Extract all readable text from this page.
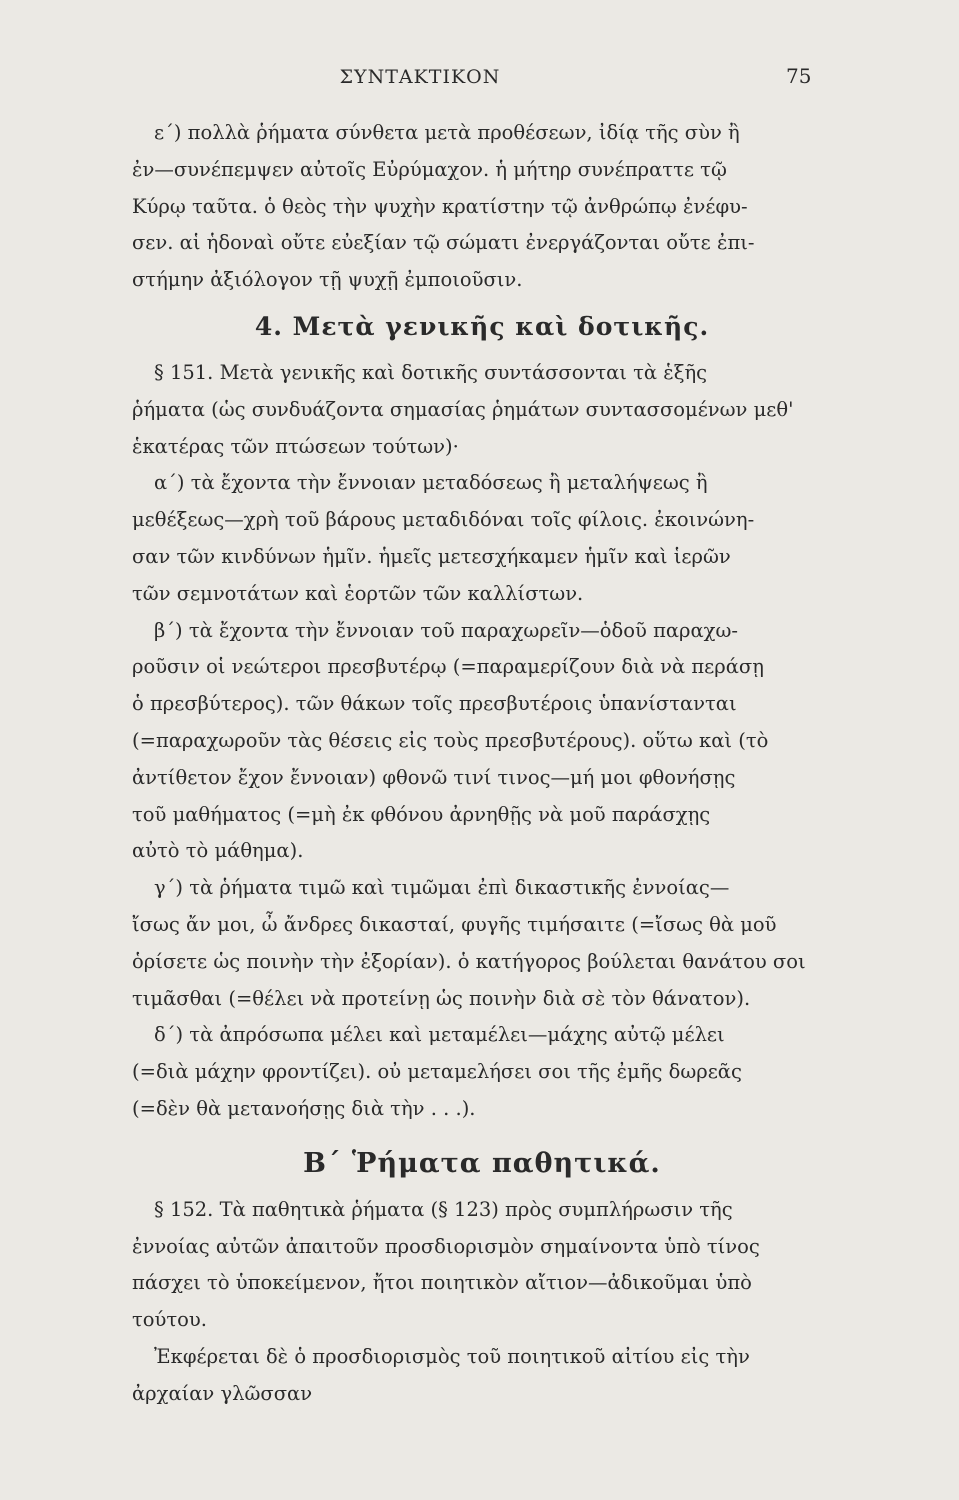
ΣΥΝΤΑΚΤΙΚΟΝ	75
ε΄) πολλὰ ῥήματα σύνθετα μετὰ προθέσεων, ἰδίᾳ τῆς σὺν ἢ
ἐν—συνέπεμψεν αὐτοῖς Εὐρύμαχον. ἡ μήτηρ συνέπραττε τῷ
Κύρῳ ταῦτα. ὁ θεὸς τὴν ψυχὴν κρατίστην τῷ ἀνθρώπῳ ἐνέφυ-
σεν. αἱ ἡδοναὶ οὔτε εὐεξίαν τῷ σώματι ἐνεργάζονται οὔτε ἐπι-
στήμην ἀξιόλογον τῇ ψυχῇ ἐμποιοῦσιν.
4. Μετὰ γενικῆς καὶ δοτικῆς.
§ 151. Μετὰ γενικῆς καὶ δοτικῆς συντάσσονται τὰ ἑξῆς
ῥήματα (ὡς συνδυάζοντα σημασίας ῥημάτων συντασσομένων μεθ'
ἑκατέρας τῶν πτώσεων τούτων)·
α΄) τὰ ἔχοντα τὴν ἔννοιαν μεταδόσεως ἢ μεταλήψεως ἢ
μεθέξεως—χρὴ τοῦ βάρους μεταδιδόναι τοῖς φίλοις. ἐκοινώνη-
σαν τῶν κινδύνων ἡμῖν. ἡμεῖς μετεσχήκαμεν ἡμῖν καὶ ἱερῶν
τῶν σεμνοτάτων καὶ ἑορτῶν τῶν καλλίστων.
β΄) τὰ ἔχοντα τὴν ἔννοιαν τοῦ παραχωρεῖν—ὁδοῦ παραχω-
ροῦσιν οἱ νεώτεροι πρεσβυτέρῳ (=παραμερίζουν διὰ νὰ περάσῃ
ὁ πρεσβύτερος). τῶν θάκων τοῖς πρεσβυτέροις ὑπανίστανται
(=παραχωροῦν τὰς θέσεις εἰς τοὺς πρεσβυτέρους). οὕτω καὶ (τὸ
ἀντίθετον ἔχον ἔννοιαν) φθονῶ τινί τινος—μή μοι φθονήσῃς
τοῦ μαθήματος (=μὴ ἐκ φθόνου ἀρνηθῇς νὰ μοῦ παράσχῃς
αὐτὸ τὸ μάθημα).
γ΄) τὰ ῥήματα τιμῶ καὶ τιμῶμαι ἐπὶ δικαστικῆς ἐννοίας—
ἴσως ἄν μοι, ὦ ἄνδρες δικασταί, φυγῆς τιμήσαιτε (=ἴσως θὰ μοῦ
ὁρίσετε ὡς ποινὴν τὴν ἐξορίαν). ὁ κατήγορος βούλεται θανάτου σοι
τιμᾶσθαι (=θέλει νὰ προτείνῃ ὡς ποινὴν διὰ σὲ τὸν θάνατον).
δ΄) τὰ ἀπρόσωπα μέλει καὶ μεταμέλει—μάχης αὐτῷ μέλει
(=διὰ μάχην φροντίζει). οὐ μεταμελήσει σοι τῆς ἐμῆς δωρεᾶς
(=δὲν θὰ μετανοήσῃς διὰ τὴν . . .).
Β΄ Ῥήματα παθητικά.
§ 152. Τὰ παθητικὰ ῥήματα (§ 123) πρὸς συμπλήρωσιν τῆς
ἐννοίας αὐτῶν ἀπαιτοῦν προσδιορισμὸν σημαίνοντα ὑπὸ τίνος
πάσχει τὸ ὑποκείμενον, ἤτοι ποιητικὸν αἴτιον—ἀδικοῦμαι ὑπὸ
τούτου.
Ἐκφέρεται δὲ ὁ προσδιορισμὸς τοῦ ποιητικοῦ αἰτίου εἰς τὴν
ἀρχαίαν γλῶσσαν
